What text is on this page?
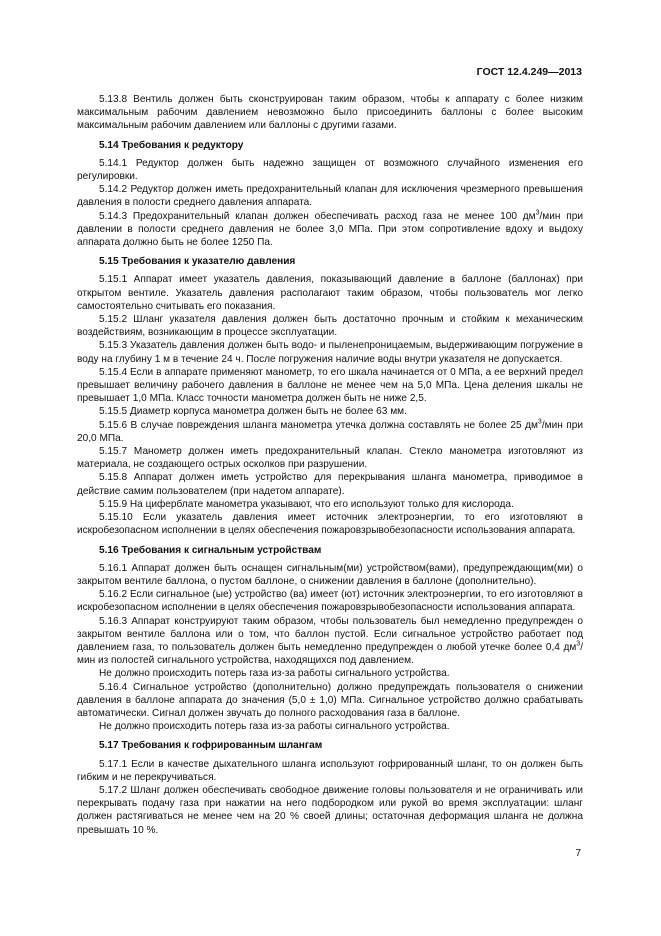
ГОСТ 12.4.249—2013

5.13.8 Вентиль должен быть сконструирован таким образом, чтобы к аппарату с более низким максимальным рабочим давлением невозможно было присоединить баллоны с более высоким максимальным рабочим давлением или баллоны с другими газами.

5.14 Требования к редуктору

5.14.1 Редуктор должен быть надежно защищен от возможного случайного изменения его регулировки.

5.14.2 Редуктор должен иметь предохранительный клапан для исключения чрезмерного превышения давления в полости среднего давления аппарата.

5.14.3 Предохранительный клапан должен обеспечивать расход газа не менее 100 $дм^3$/мин при давлении в полости среднего давления не более 3,0 МПа. При этом сопротивление вдоху и выдоху аппарата должно быть не более 1250 Па.

5.15 Требования к указателю давления

5.15.1 Аппарат имеет указатель давления, показывающий давление в баллоне (баллонах) при открытом вентиле. Указатель давления располагают таким образом, чтобы пользователь мог легко самостоятельно считывать его показания.

5.15.2 Шланг указателя давления должен быть достаточно прочным и стойким к механическим воздействиям, возникающим в процессе эксплуатации.

5.15.3 Указатель давления должен быть водо- и пыленепроницаемым, выдерживающим погружение в воду на глубину 1 м в течение 24 ч. После погружения наличие воды внутри указателя не допускается.

5.15.4 Если в аппарате применяют манометр, то его шкала начинается от 0 МПа, а ее верхний предел превышает величину рабочего давления в баллоне не менее чем на 5,0 МПа. Цена деления шкалы не превышает 1,0 МПа. Класс точности манометра должен быть не ниже 2,5.

5.15.5 Диаметр корпуса манометра должен быть не более 63 мм.

5.15.6 В случае повреждения шланга манометра утечка должна составлять не более 25 $дм^3$/мин при 20,0 МПа.

5.15.7 Манометр должен иметь предохранительный клапан. Стекло манометра изготовляют из материала, не создающего острых осколков при разрушении.

5.15.8 Аппарат должен иметь устройство для перекрывания шланга манометра, приводимое в действие самим пользователем (при надетом аппарате).

5.15.9 На циферблате манометра указывают, что его используют только для кислорода.

5.15.10 Если указатель давления имеет источник электроэнергии, то его изготовляют в искробезопасном исполнении в целях обеспечения пожаровзрывобезопасности использования аппарата.

5.16 Требования к сигнальным устройствам

5.16.1 Аппарат должен быть оснащен сигнальным(ми) устройством(вами), предупреждающим(ми) о закрытом вентиле баллона, о пустом баллоне, о снижении давления в баллоне (дополнительно).

5.16.2 Если сигнальное (ые) устройство (ва) имеет (ют) источник электроэнергии, то его изготовляют в искробезопасном исполнении в целях обеспечения пожаровзрывобезопасности использования аппарата.

5.16.3 Аппарат конструируют таким образом, чтобы пользователь был немедленно предупрежден о закрытом вентиле баллона или о том, что баллон пустой. Если сигнальное устройство работает под давлением газа, то пользователь должен быть немедленно предупрежден о любой утечке более 0,4 $дм^3$/мин из полостей сигнального устройства, находящихся под давлением.

Не должно происходить потерь газа из-за работы сигнального устройства.

5.16.4 Сигнальное устройство (дополнительно) должно предупреждать пользователя о снижении давления в баллоне аппарата до значения (5,0 ± 1,0) МПа. Сигнальное устройство должно срабатывать автоматически. Сигнал должен звучать до полного расходования газа в баллоне.

Не должно происходить потерь газа из-за работы сигнального устройства.

5.17 Требования к гофрированным шлангам

5.17.1 Если в качестве дыхательного шланга используют гофрированный шланг, то он должен быть гибким и не перекручиваться.

5.17.2 Шланг должен обеспечивать свободное движение головы пользователя и не ограничивать или перекрывать подачу газа при нажатии на него подбородком или рукой во время эксплуатации: шланг должен растягиваться не менее чем на 20 % своей длины; остаточная деформация шланга не должна превышать 10 %.

7
